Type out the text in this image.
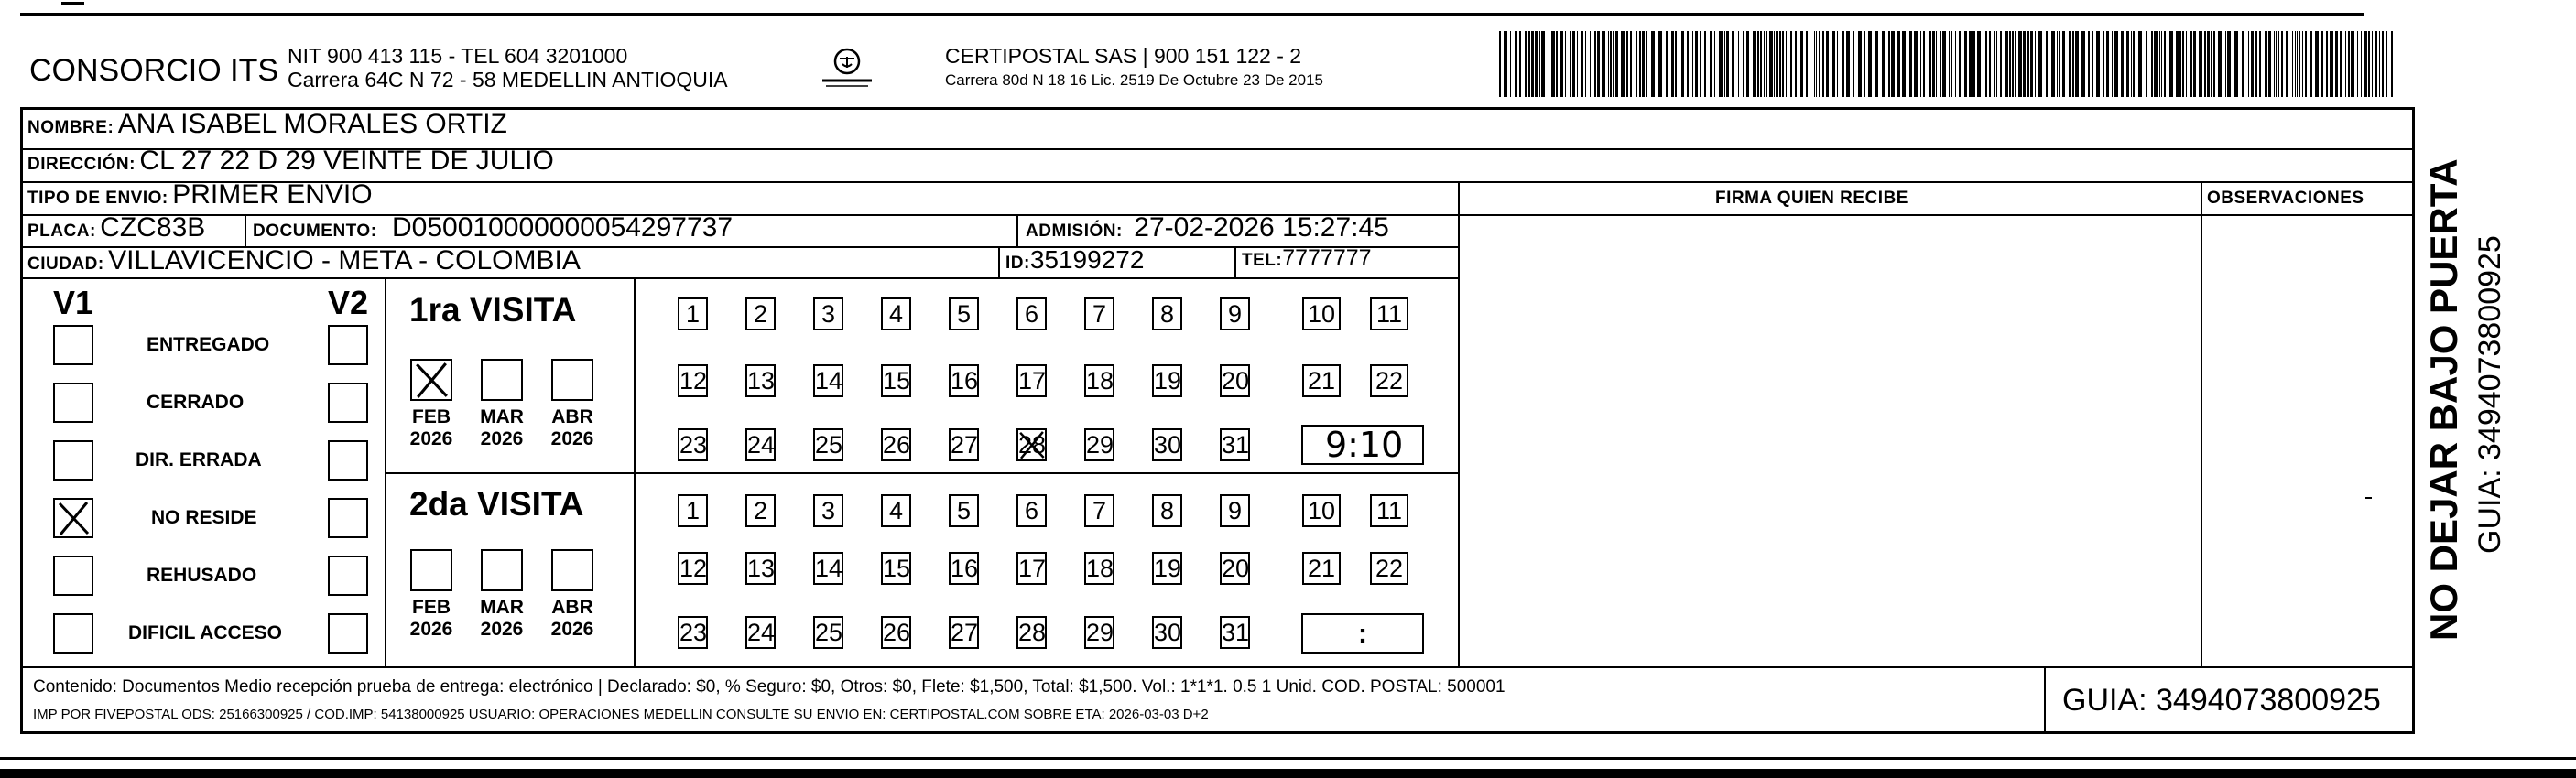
CONSORCIO ITS NIT 900 413 115 - TEL 604 3201000
Carrera 64C N 72 - 58 MEDELLIN ANTIOQUIA
CERTIPOSTAL SAS | 900 151 122 - 2
Carrera 80d N 18 16 Lic. 2519 De Octubre 23 De 2015
NOMBRE: ANA ISABEL MORALES ORTIZ
DIRECCIÓN: CL 27 22 D 29 VEINTE DE JULIO
TIPO DE ENVIO: PRIMER ENVIO	FIRMA QUIEN RECIBE	OBSERVACIONES
PLACA: CZC83B	DOCUMENTO: D050010000000054297737	ADMISIÓN: 27-02-2026 15:27:45
CIUDAD: VILLAVICENCIO - META - COLOMBIA	ID:35199272	TEL:7777777
V1	V2
ENTREGADO
CERRADO
DIR. ERRADA
NO RESIDE
REHUSADO
DIFICIL ACCESO
1ra VISITA
2da VISITA
FEB
2026
MAR
2026
ABR
2026
FEB
2026
MAR
2026
ABR
2026
1	2	3	4	5	6	7	8	9	10 11
12 13 14 15 16 17 18 19 20 21 22
23 24 25 26 27 28 29 30 31
1	2	3	4	5	6	7	8	9	10 11
12 13 14 15 16 17 18 19 20 21 22
23 24 25 26 27 28 29 30 31
9:10
:
Contenido: Documentos Medio recepción prueba de entrega: electrónico | Declarado: $0, % Seguro: $0, Otros: $0, Flete: $1,500, Total: $1,500. Vol.: 1*1*1. 0.5 1 Unid. COD. POSTAL: 500001
IMP POR FIVEPOSTAL ODS: 25166300925 / COD.IMP: 54138000925 USUARIO: OPERACIONES MEDELLIN CONSULTE SU ENVIO EN: CERTIPOSTAL.COM SOBRE ETA: 2026-03-03 D+2	GUIA: 3494073800925
NO DEJAR BAJO PUERTA GUIA: 3494073800925
